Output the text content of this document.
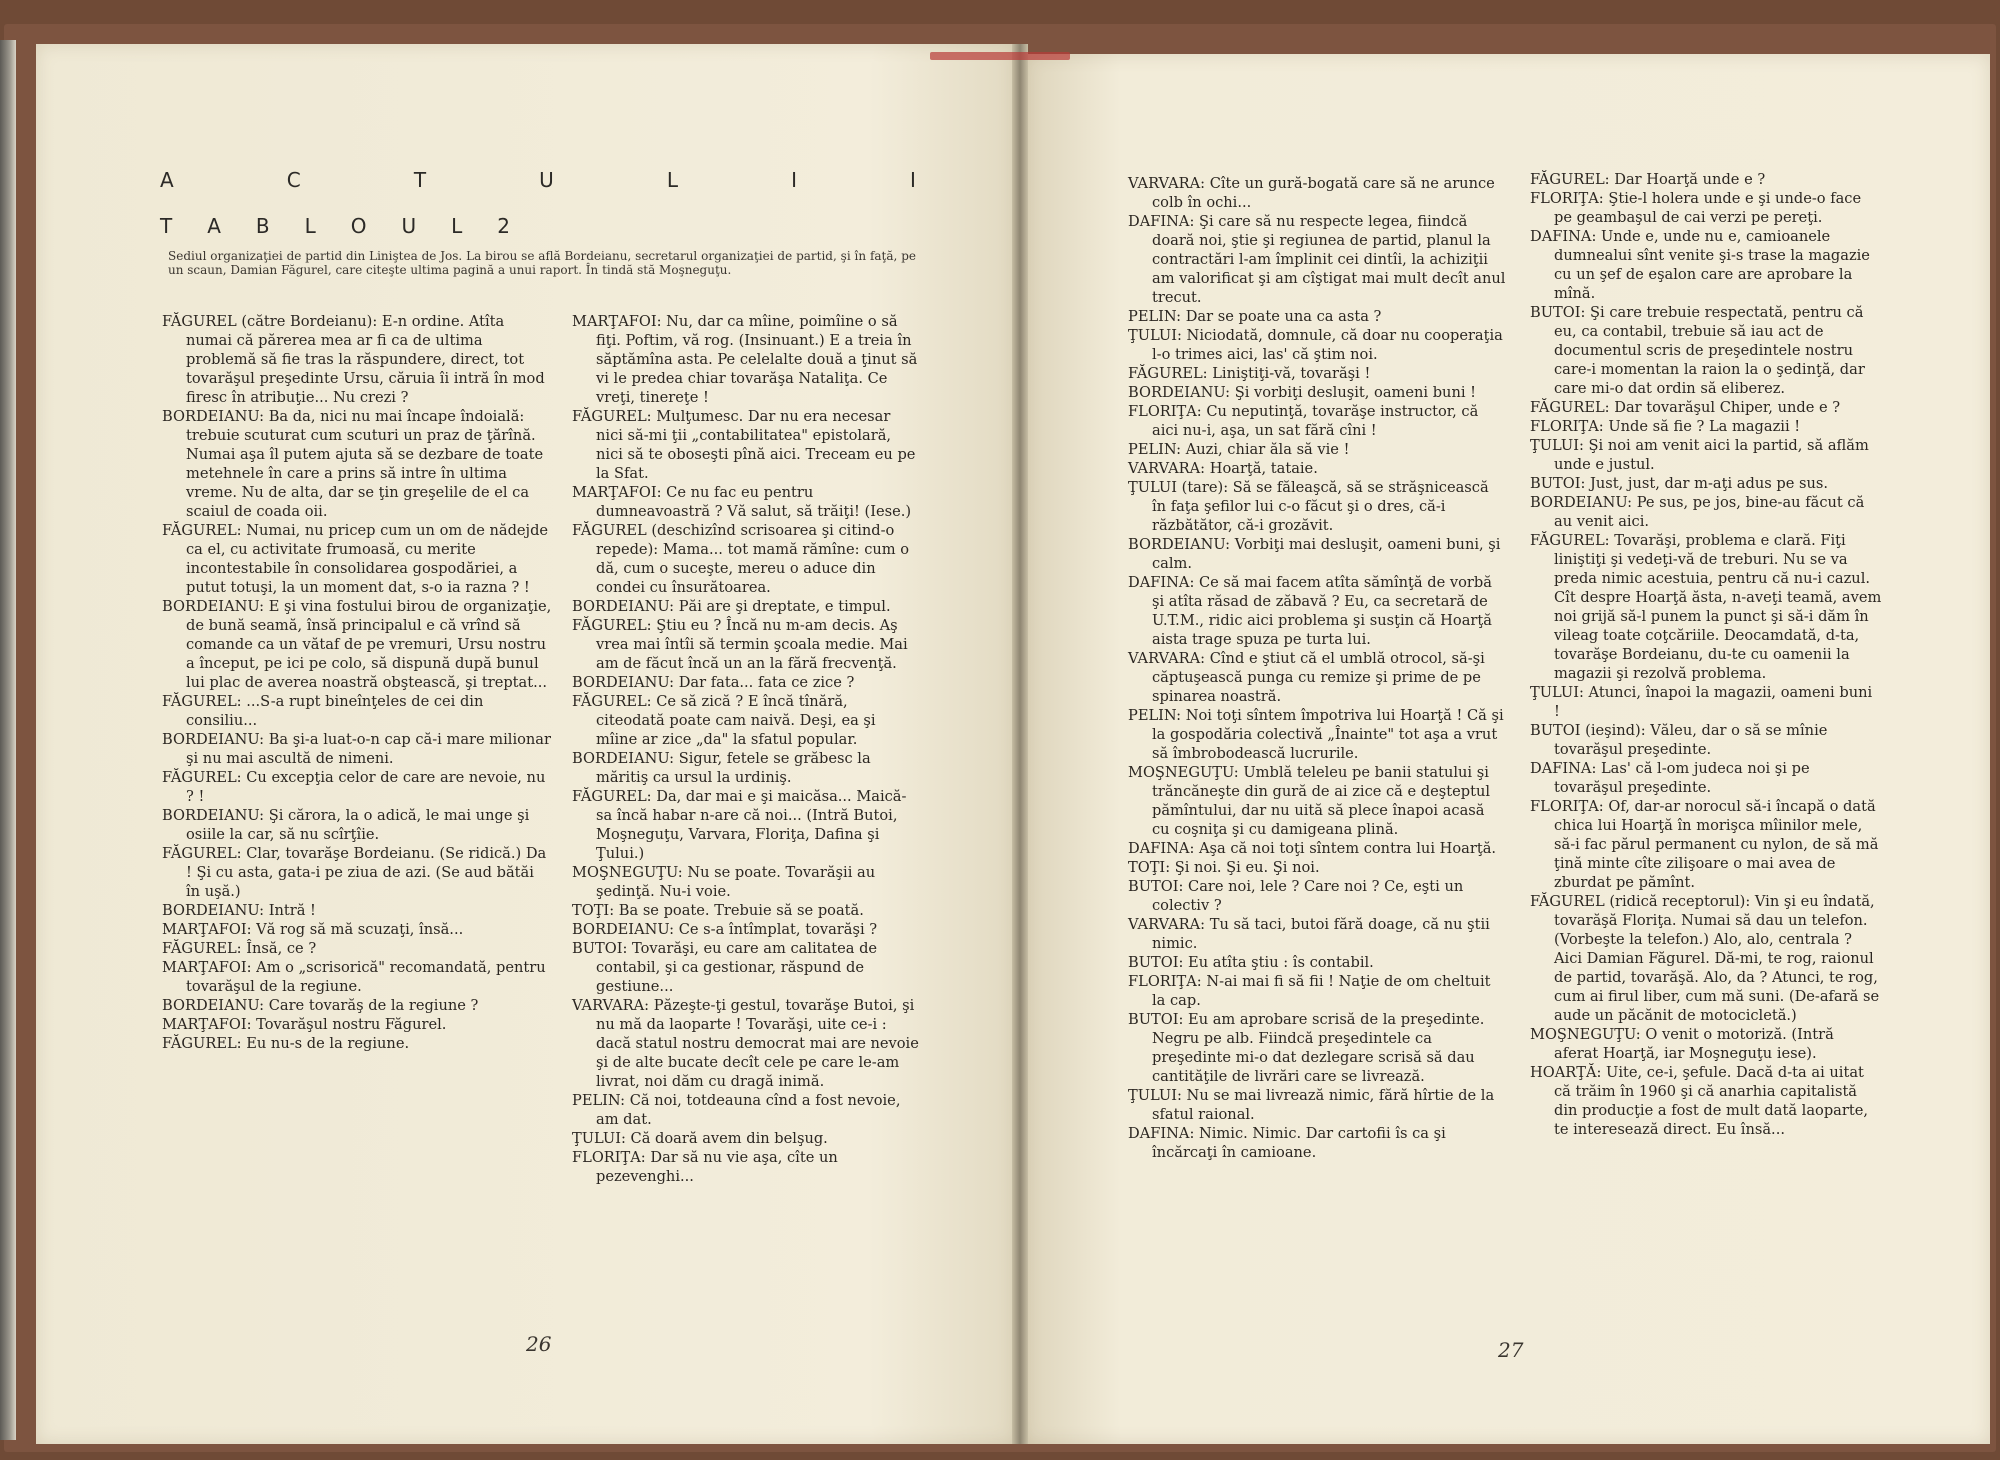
A	C	T	U	L	I	I
T A B L O U L 2
Sediul organizaţiei de partid din Liniştea de Jos. La birou se află Bordeianu, secretarul organizaţiei de partid, şi în faţă, pe un scaun, Damian Făgurel, care citeşte ultima pagină a unui raport. În tindă stă Moşneguţu.

FĂGUREL (către Bordeianu): E-n ordine. Atîta numai că părerea mea ar fi ca de ultima problemă să fie tras la răspundere, direct, tot tovarăşul preşedinte Ursu, căruia îi intră în mod firesc în atribuţie... Nu crezi ?

BORDEIANU: Ba da, nici nu mai încape îndoială: trebuie scuturat cum scuturi un praz de ţărînă. Numai aşa îl putem ajuta să se dezbare de toate metehnele în care a prins să intre în ultima vreme. Nu de alta, dar se ţin greşelile de el ca scaiul de coada oii.

FĂGUREL: Numai, nu pricep cum un om de nădejde ca el, cu activitate frumoasă, cu merite incontestabile în consolidarea gospodăriei, a putut totuşi, la un moment dat, s-o ia razna ? !

BORDEIANU: E şi vina fostului birou de organizaţie, de bună seamă, însă principalul e că vrînd să comande ca un vătaf de pe vremuri, Ursu nostru a început, pe ici pe colo, să dispună după bunul lui plac de averea noastră obştească, şi treptat...

FĂGUREL: ...S-a rupt bineînţeles de cei din consiliu...

BORDEIANU: Ba şi-a luat-o-n cap că-i mare milionar şi nu mai ascultă de nimeni.

FĂGUREL: Cu excepţia celor de care are nevoie, nu ? !

BORDEIANU: Şi cărora, la o adică, le mai unge şi osiile la car, să nu scîrţîie.

FĂGUREL: Clar, tovarăşe Bordeianu. (Se ridică.) Da ! Şi cu asta, gata-i pe ziua de azi. (Se aud bătăi în uşă.)

BORDEIANU: Intră !

MARŢAFOI: Vă rog să mă scuzaţi, însă...

FĂGUREL: Însă, ce ?

MARŢAFOI: Am o „scrisorică" recomandată, pentru tovarăşul de la regiune.

BORDEIANU: Care tovarăş de la regiune ?

MARŢAFOI: Tovarăşul nostru Făgurel.

FĂGUREL: Eu nu-s de la regiune.

MARŢAFOI: Nu, dar ca mîine, poimîine o să fiţi. Poftim, vă rog. (Insinuant.) E a treia în săptămîna asta. Pe celelalte două a ţinut să vi le predea chiar tovarăşa Nataliţa. Ce vreţi, tinereţe !

FĂGUREL: Mulţumesc. Dar nu era necesar nici să-mi ţii „contabilitatea" epistolară, nici să te oboseşti pînă aici. Treceam eu pe la Sfat.

MARŢAFOI: Ce nu fac eu pentru dumneavoastră ? Vă salut, să trăiţi! (Iese.)

FĂGUREL (deschizînd scrisoarea şi citind-o repede): Mama... tot mamă rămîne: cum o dă, cum o suceşte, mereu o aduce din condei cu însurătoarea.

BORDEIANU: Păi are şi dreptate, e timpul.

FĂGUREL: Ştiu eu ? Încă nu m-am decis. Aş vrea mai întîi să termin şcoala medie. Mai am de făcut încă un an la fără frecvenţă.

BORDEIANU: Dar fata... fata ce zice ?

FĂGUREL: Ce să zică ? E încă tînără, citeodată poate cam naivă. Deşi, ea şi mîine ar zice „da" la sfatul popular.

BORDEIANU: Sigur, fetele se grăbesc la măritiş ca ursul la urdiniş.

FĂGUREL: Da, dar mai e şi maicăsa... Maică-sa încă habar n-are că noi... (Intră Butoi, Moşneguţu, Varvara, Floriţa, Dafina şi Ţului.)

MOŞNEGUŢU: Nu se poate. Tovarăşii au şedinţă. Nu-i voie.

TOŢI: Ba se poate. Trebuie să se poată.

BORDEIANU: Ce s-a întîmplat, tovarăşi ?

BUTOI: Tovarăşi, eu care am calitatea de contabil, şi ca gestionar, răspund de gestiune...

VARVARA: Păzeşte-ţi gestul, tovarăşe Butoi, şi nu mă da laoparte ! Tovarăşi, uite ce-i : dacă statul nostru democrat mai are nevoie şi de alte bucate decît cele pe care le-am livrat, noi dăm cu dragă inimă.

PELIN: Că noi, totdeauna cînd a fost nevoie, am dat.

ŢULUI: Că doară avem din belşug.

FLORIŢA: Dar să nu vie aşa, cîte un pezevenghi...

VARVARA: Cîte un gură-bogată care să ne arunce colb în ochi...

DAFINA: Şi care să nu respecte legea, fiindcă doară noi, ştie şi regiunea de partid, planul la contractări l-am împlinit cei dintîi, la achiziţii am valorificat şi am cîştigat mai mult decît anul trecut.

PELIN: Dar se poate una ca asta ?

ŢULUI: Niciodată, domnule, că doar nu cooperaţia l-o trimes aici, las' că ştim noi.

FĂGUREL: Liniştiţi-vă, tovarăşi !

BORDEIANU: Şi vorbiţi desluşit, oameni buni !

FLORIŢA: Cu neputinţă, tovarăşe instructor, că aici nu-i, aşa, un sat fără cîni !

PELIN: Auzi, chiar ăla să vie !

VARVARA: Hoarţă, tataie.

ŢULUI (tare): Să se făleaşcă, să se străşnicească în faţa şefilor lui c-o făcut şi o dres, că-i răzbătător, că-i grozăvit.

BORDEIANU: Vorbiţi mai desluşit, oameni buni, şi calm.

DAFINA: Ce să mai facem atîta sămînţă de vorbă şi atîta răsad de zăbavă ? Eu, ca secretară de U.T.M., ridic aici problema şi susţin că Hoarţă aista trage spuza pe turta lui.

VARVARA: Cînd e ştiut că el umblă otrocol, să-şi căptuşească punga cu remize şi prime de pe spinarea noastră.

PELIN: Noi toţi sîntem împotriva lui Hoarţă ! Că şi la gospodăria colectivă „Înainte" tot aşa a vrut să îmbrobodească lucrurile.

MOŞNEGUŢU: Umblă teleleu pe banii statului şi trăncăneşte din gură de ai zice că e deşteptul pămîntului, dar nu uită să plece înapoi acasă cu coşniţa şi cu damigeana plină.

DAFINA: Aşa că noi toţi sîntem contra lui Hoarţă.

TOŢI: Şi noi. Şi eu. Şi noi.

BUTOI: Care noi, lele ? Care noi ? Ce, eşti un colectiv ?

VARVARA: Tu să taci, butoi fără doage, că nu ştii nimic.

BUTOI: Eu atîta ştiu : îs contabil.

FLORIŢA: N-ai mai fi să fii ! Naţie de om cheltuit la cap.

BUTOI: Eu am aprobare scrisă de la preşedinte. Negru pe alb. Fiindcă preşedintele ca preşedinte mi-o dat dezlegare scrisă să dau cantităţile de livrări care se livrează.

ŢULUI: Nu se mai livrează nimic, fără hîrtie de la sfatul raional.

DAFINA: Nimic. Nimic. Dar cartofii îs ca şi încărcaţi în camioane.

FĂGUREL: Dar Hoarţă unde e ?

FLORIŢA: Ştie-l holera unde e şi unde-o face pe geambaşul de cai verzi pe pereţi.

DAFINA: Unde e, unde nu e, camioanele dumnealui sînt venite şi-s trase la magazie cu un şef de eşalon care are aprobare la mînă.

BUTOI: Şi care trebuie respectată, pentru că eu, ca contabil, trebuie să iau act de documentul scris de preşedintele nostru care-i momentan la raion la o şedinţă, dar care mi-o dat ordin să eliberez.

FĂGUREL: Dar tovarăşul Chiper, unde e ?

FLORIŢA: Unde să fie ? La magazii !

ŢULUI: Şi noi am venit aici la partid, să aflăm unde e justul.

BUTOI: Just, just, dar m-aţi adus pe sus.

BORDEIANU: Pe sus, pe jos, bine-au făcut că au venit aici.

FĂGUREL: Tovarăşi, problema e clară. Fiţi liniştiţi şi vedeţi-vă de treburi. Nu se va preda nimic acestuia, pentru că nu-i cazul. Cît despre Hoarţă ăsta, n-aveţi teamă, avem noi grijă să-l punem la punct şi să-i dăm în vileag toate coţcăriile. Deocamdată, d-ta, tovarăşe Bordeianu, du-te cu oamenii la magazii şi rezolvă problema.

ŢULUI: Atunci, înapoi la magazii, oameni buni !

BUTOI (ieşind): Văleu, dar o să se mînie tovarăşul preşedinte.

DAFINA: Las' că l-om judeca noi şi pe tovarăşul preşedinte.

FLORIŢA: Of, dar-ar norocul să-i încapă o dată chica lui Hoarţă în morişca mîinilor mele, să-i fac părul permanent cu nylon, de să mă ţină minte cîte zilişoare o mai avea de zburdat pe pămînt.

FĂGUREL (ridică receptorul): Vin şi eu îndată, tovarăşă Floriţa. Numai să dau un telefon. (Vorbeşte la telefon.) Alo, alo, centrala ? Aici Damian Făgurel. Dă-mi, te rog, raionul de partid, tovarăşă. Alo, da ? Atunci, te rog, cum ai firul liber, cum mă suni. (De-afară se aude un păcănit de motocicletă.)

MOŞNEGUŢU: O venit o motoriză. (Intră aferat Hoarţă, iar Moşneguţu iese).

HOARŢĂ: Uite, ce-i, şefule. Dacă d-ta ai uitat că trăim în 1960 şi că anarhia capitalistă din producţie a fost de mult dată laoparte, te interesează direct. Eu însă...

26	27
